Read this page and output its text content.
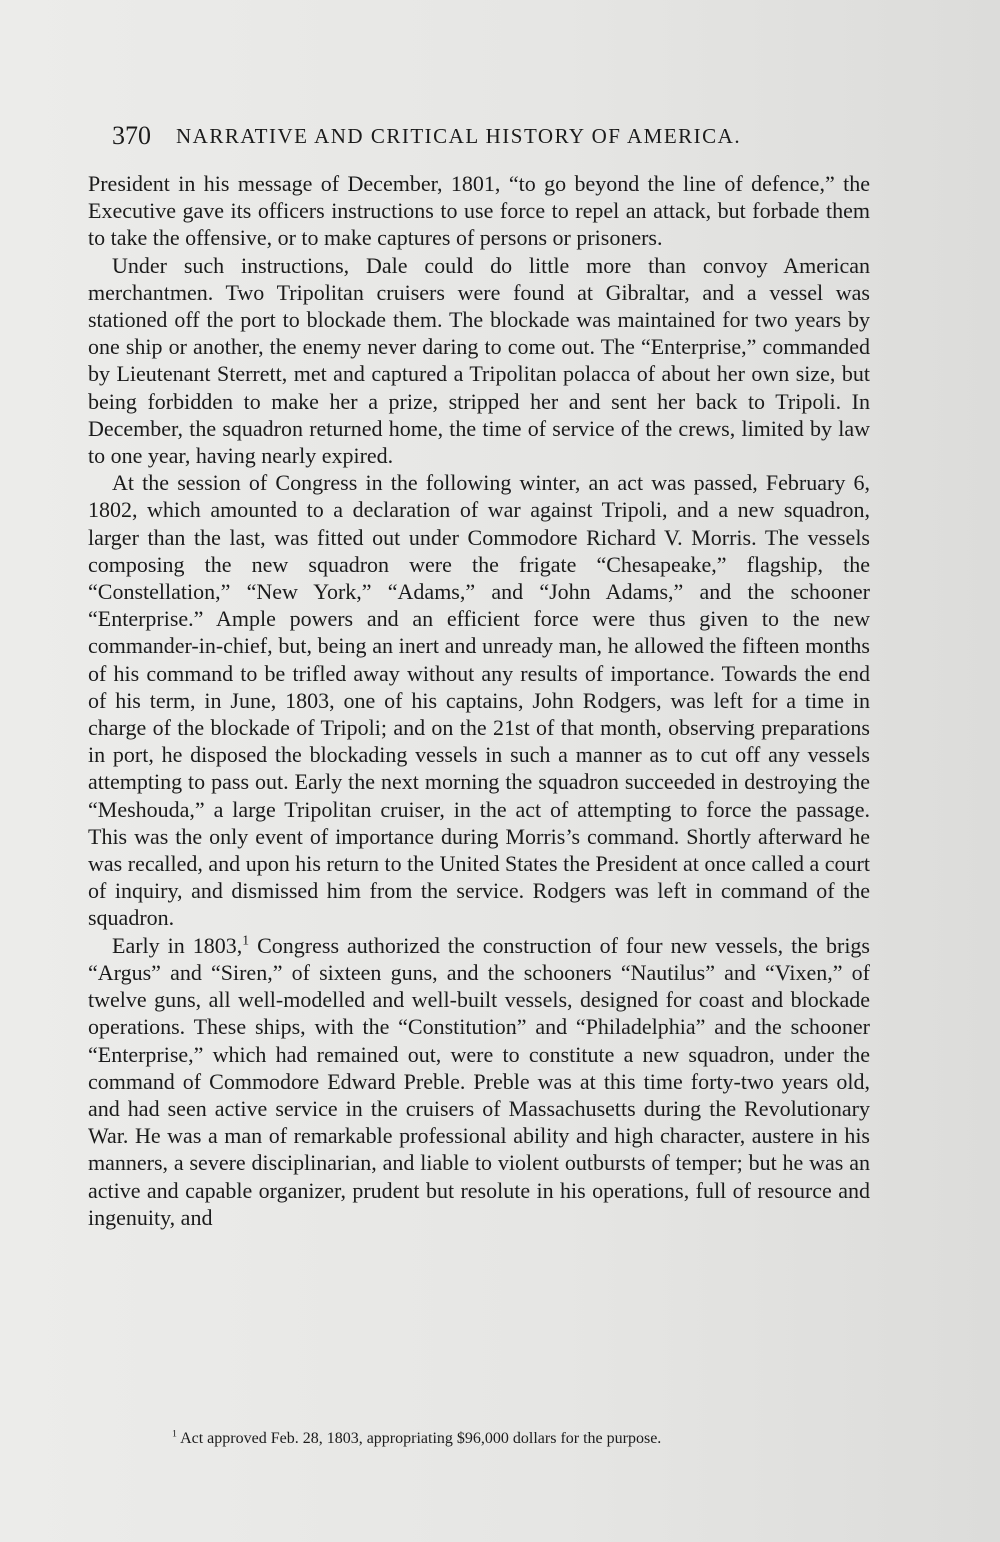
370 NARRATIVE AND CRITICAL HISTORY OF AMERICA.

President in his message of December, 1801, “to go beyond the line of defence,” the Executive gave its officers instructions to use force to repel an attack, but forbade them to take the offensive, or to make captures of persons or prisoners.

Under such instructions, Dale could do little more than convoy American merchantmen. Two Tripolitan cruisers were found at Gibraltar, and a vessel was stationed off the port to blockade them. The blockade was maintained for two years by one ship or another, the enemy never daring to come out. The “Enterprise,” commanded by Lieutenant Sterrett, met and captured a Tripolitan polacca of about her own size, but being forbidden to make her a prize, stripped her and sent her back to Tripoli. In December, the squadron returned home, the time of service of the crews, limited by law to one year, having nearly expired.

At the session of Congress in the following winter, an act was passed, February 6, 1802, which amounted to a declaration of war against Tripoli, and a new squadron, larger than the last, was fitted out under Commodore Richard V. Morris. The vessels composing the new squadron were the frigate “Chesapeake,” flagship, the “Constellation,” “New York,” “Adams,” and “John Adams,” and the schooner “Enterprise.” Ample powers and an efficient force were thus given to the new commander-in-chief, but, being an inert and unready man, he allowed the fifteen months of his command to be trifled away without any results of importance. Towards the end of his term, in June, 1803, one of his captains, John Rodgers, was left for a time in charge of the blockade of Tripoli; and on the 21st of that month, observing preparations in port, he disposed the blockading vessels in such a manner as to cut off any vessels attempting to pass out. Early the next morning the squadron succeeded in destroying the “Meshouda,” a large Tripolitan cruiser, in the act of attempting to force the passage. This was the only event of importance during Morris’s command. Shortly afterward he was recalled, and upon his return to the United States the President at once called a court of inquiry, and dismissed him from the service. Rodgers was left in command of the squadron.

Early in 1803,$^1$ Congress authorized the construction of four new vessels, the brigs “Argus” and “Siren,” of sixteen guns, and the schooners “Nautilus” and “Vixen,” of twelve guns, all well-modelled and well-built vessels, designed for coast and blockade operations. These ships, with the “Constitution” and “Philadelphia” and the schooner “Enterprise,” which had remained out, were to constitute a new squadron, under the command of Commodore Edward Preble. Preble was at this time forty-two years old, and had seen active service in the cruisers of Massachusetts during the Revolutionary War. He was a man of remarkable professional ability and high character, austere in his manners, a severe disciplinarian, and liable to violent outbursts of temper; but he was an active and capable organizer, prudent but resolute in his operations, full of resource and ingenuity, and

$^1$ Act approved Feb. 28, 1803, appropriating $96,000 dollars for the purpose.
